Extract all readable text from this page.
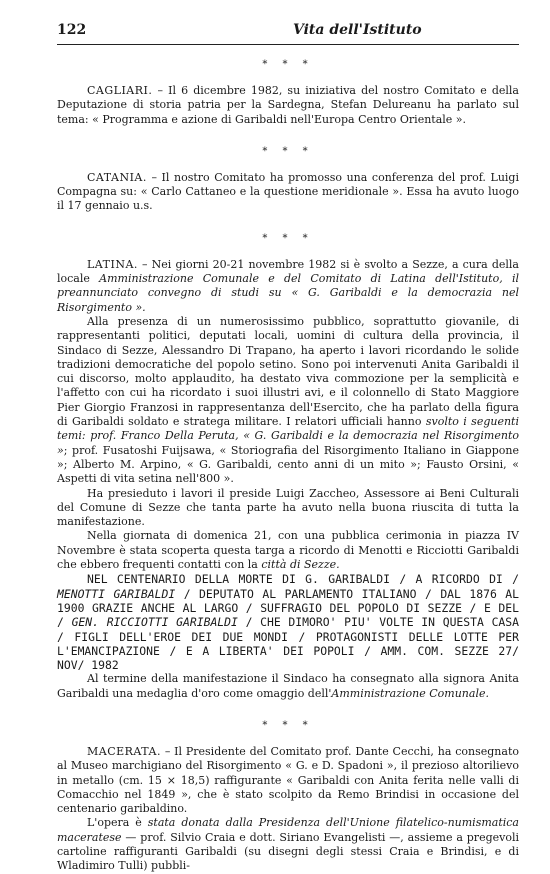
122	Vita dell'Istituto
* * *

CAGLIARI. – Il 6 dicembre 1982, su iniziativa del nostro Comitato e della Deputazione di storia patria per la Sardegna, Stefan Delureanu ha parlato sul tema: « Programma e azione di Garibaldi nell'Europa Centro Orientale ».

* * *

CATANIA. – Il nostro Comitato ha promosso una conferenza del prof. Luigi Compagna su: « Carlo Cattaneo e la questione meridionale ». Essa ha avuto luogo il 17 gennaio u.s.

* * *

LATINA. – Nei giorni 20-21 novembre 1982 si è svolto a Sezze, a cura della locale Amministrazione Comunale e del Comitato di Latina dell'Istituto, il preannunciato convegno di studi su « G. Garibaldi e la democrazia nel Risorgimento ».

Alla presenza di un numerosissimo pubblico, soprattutto giovanile, di rappresentanti politici, deputati locali, uomini di cultura della provincia, il Sindaco di Sezze, Alessandro Di Trapano, ha aperto i lavori ricordando le solide tradizioni democratiche del popolo setino. Sono poi intervenuti Anita Garibaldi il cui discorso, molto applaudito, ha destato viva commozione per la semplicità e l'affetto con cui ha ricordato i suoi illustri avi, e il colonnello di Stato Maggiore Pier Giorgio Franzosi in rappresentanza dell'Esercito, che ha parlato della figura di Garibaldi soldato e stratega militare. I relatori ufficiali hanno svolto i seguenti temi: prof. Franco Della Peruta, « G. Garibaldi e la democrazia nel Risorgimento »; prof. Fusatoshi Fuijsawa, « Storiografia del Risorgimento Italiano in Giappone »; Alberto M. Arpino, « G. Garibaldi, cento anni di un mito »; Fausto Orsini, « Aspetti di vita setina nell'800 ».

Ha presieduto i lavori il preside Luigi Zaccheo, Assessore ai Beni Culturali del Comune di Sezze che tanta parte ha avuto nella buona riuscita di tutta la manifestazione.

Nella giornata di domenica 21, con una pubblica cerimonia in piazza IV Novembre è stata scoperta questa targa a ricordo di Menotti e Ricciotti Garibaldi che ebbero frequenti contatti con la città di Sezze.

NEL CENTENARIO DELLA MORTE DI G. GARIBALDI / A RICORDO DI / MENOTTI GARIBALDI / DEPUTATO AL PARLAMENTO ITALIANO / DAL 1876 AL 1900 GRAZIE ANCHE AL LARGO / SUFFRAGIO DEL POPOLO DI SEZZE / E DEL / GEN. RICCIOTTI GARIBALDI / CHE DIMORO' PIU' VOLTE IN QUESTA CASA / FIGLI DELL'EROE DEI DUE MONDI / PROTAGONISTI DELLE LOTTE PER L'EMANCIPAZIONE / E A LIBERTA' DEI POPOLI / AMM. COM. SEZZE 27/ NOV/ 1982

Al termine della manifestazione il Sindaco ha consegnato alla signora Anita Garibaldi una medaglia d'oro come omaggio dell'Amministrazione Comunale.

* * *

MACERATA. – Il Presidente del Comitato prof. Dante Cecchi, ha consegnato al Museo marchigiano del Risorgimento « G. e D. Spadoni », il prezioso altorilievo in metallo (cm. 15 × 18,5) raffigurante « Garibaldi con Anita ferita nelle valli di Comacchio nel 1849 », che è stato scolpito da Remo Brindisi in occasione del centenario garibaldino.

L'opera è stata donata dalla Presidenza dell'Unione filatelico-numismatica maceratese — prof. Silvio Craia e dott. Siriano Evangelisti —, assieme a pregevoli cartoline raffiguranti Garibaldi (su disegni degli stessi Craia e Brindisi, e di Wladimiro Tulli) pubbli-
